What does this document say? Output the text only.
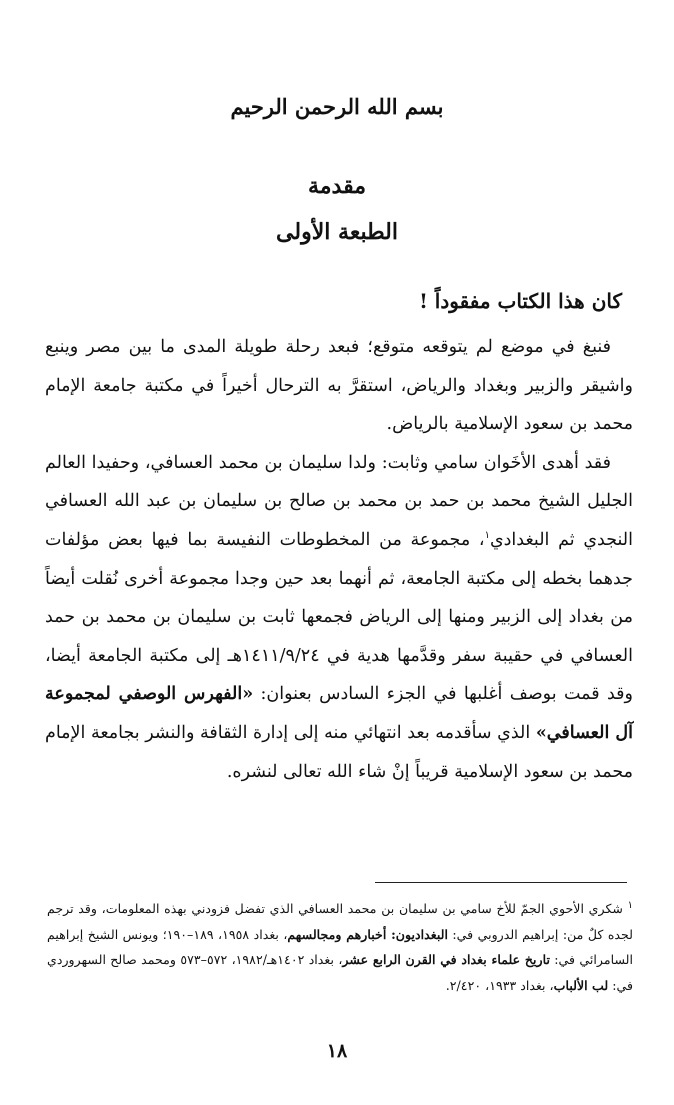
بسم الله الرحمن الرحيم
مقدمة
الطبعة الأولى
كان هذا الكتاب مفقوداً !

فنبغ في موضع لم يتوقعه متوقع؛ فبعد رحلة طويلة المدى ما بين مصر وينبع واشيقر والزبير وبغداد والرياض، استقرَّ به الترحال أخيراً في مكتبة جامعة الإمام محمد بن سعود الإسلامية بالرياض.

فقد أهدى الأخَوان سامي وثابت: ولدا سليمان بن محمد العسافي، وحفيدا العالم الجليل الشيخ محمد بن حمد بن محمد بن صالح بن سليمان بن عبد الله العسافي النجدي ثم البغدادي$^١$، مجموعة من المخطوطات النفيسة بما فيها بعض مؤلفات جدهما بخطه إلى مكتبة الجامعة، ثم أنهما بعد حين وجدا مجموعة أخرى نُقلت أيضاً من بغداد إلى الزبير ومنها إلى الرياض فجمعها ثابت بن سليمان بن محمد بن حمد العسافي في حقيبة سفر وقدَّمها هدية في ١٤١١/٩/٢٤هـ إلى مكتبة الجامعة أيضا، وقد قمت بوصف أغلبها في الجزء السادس بعنوان: «الفهرس الوصفي لمجموعة آل العسافي» الذي سأقدمه بعد انتهائي منه إلى إدارة الثقافة والنشر بجامعة الإمام محمد بن سعود الإسلامية قريباً إنْ شاء الله تعالى لنشره.

$^١$ شكري الأحوي الجمّ للأخ سامي بن سليمان بن محمد العسافي الذي تفضل فزودني بهذه المعلومات، وقد ترجم لجده كلٌ من: إبراهيم الدروبي في: البغداديون: أخبارهم ومجالسهم، بغداد ١٩٥٨، ١٨٩–١٩٠؛ ويونس الشيخ إبراهيم السامرائي في: تاريخ علماء بغداد في القرن الرابع عشر، بغداد ١٤٠٢هـ/١٩٨٢، ٥٧٢–٥٧٣ ومحمد صالح السهروردي في: لب الألباب، بغداد ١٩٣٣، ٢/٤٢٠.

١٨
